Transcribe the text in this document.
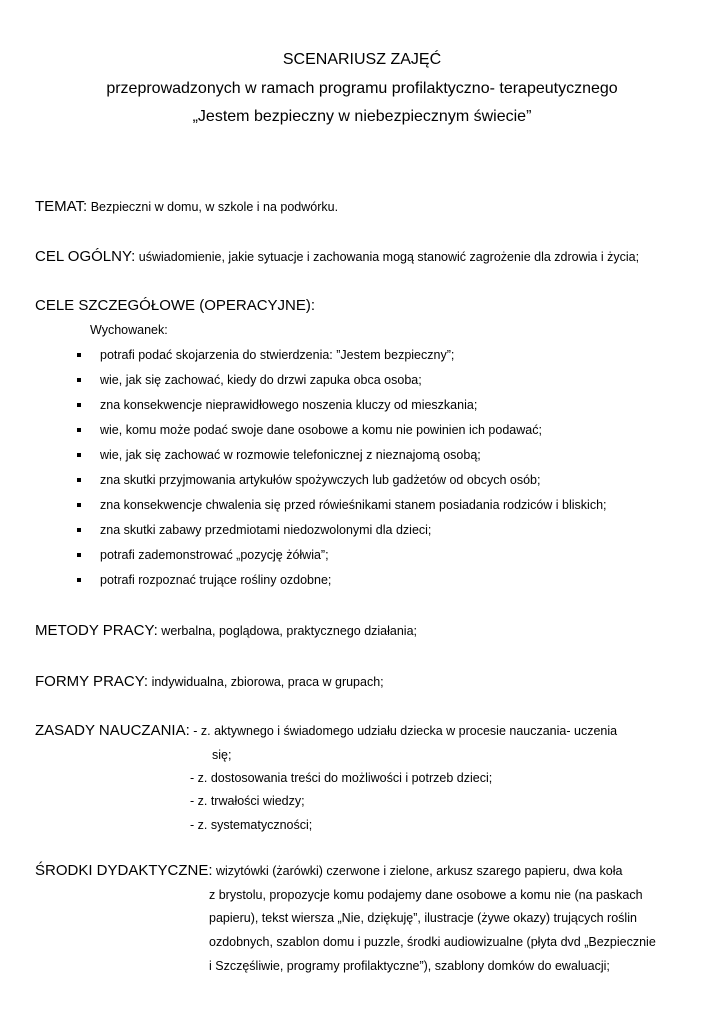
SCENARIUSZ ZAJĘĆ
przeprowadzonych w ramach programu profilaktyczno- terapeutycznego
„Jestem bezpieczny w niebezpiecznym świecie”
TEMAT: Bezpieczni w domu, w szkole i na podwórku.
CEL OGÓLNY: uświadomienie, jakie sytuacje i zachowania mogą stanowić zagrożenie dla zdrowia i życia;
CELE SZCZEGÓŁOWE (OPERACYJNE):
Wychowanek:
potrafi podać skojarzenia do stwierdzenia: ”Jestem bezpieczny”;
wie, jak się zachować, kiedy do drzwi zapuka obca osoba;
zna konsekwencje nieprawidłowego noszenia kluczy od mieszkania;
wie, komu może podać swoje dane osobowe a komu nie powinien ich podawać;
wie, jak się zachować w rozmowie telefonicznej z nieznajomą osobą;
zna skutki przyjmowania artykułów spożywczych lub gadżetów od obcych osób;
zna konsekwencje chwalenia się przed rówieśnikami stanem posiadania rodziców i bliskich;
zna skutki zabawy przedmiotami niedozwolonymi dla dzieci;
potrafi zademonstrować „pozycję żółwia”;
potrafi rozpoznać trujące rośliny ozdobne;
METODY PRACY: werbalna, poglądowa, praktycznego działania;
FORMY PRACY: indywidualna, zbiorowa, praca w grupach;
ZASADY NAUCZANIA: - z. aktywnego i świadomego udziału dziecka w procesie nauczania- uczenia
się;
- z. dostosowania treści do możliwości i potrzeb dzieci;
- z. trwałości wiedzy;
- z. systematyczności;
ŚRODKI DYDAKTYCZNE: wizytówki (żarówki) czerwone i zielone, arkusz szarego papieru, dwa koła
z brystolu, propozycje komu podajemy dane osobowe a komu nie (na paskach
papieru), tekst wiersza „Nie, dziękuję”, ilustracje (żywe okazy) trujących roślin
ozdobnych, szablon domu i puzzle, środki audiowizualne (płyta dvd „Bezpiecznie
i Szczęśliwie, programy profilaktyczne”), szablony domków do ewaluacji;
